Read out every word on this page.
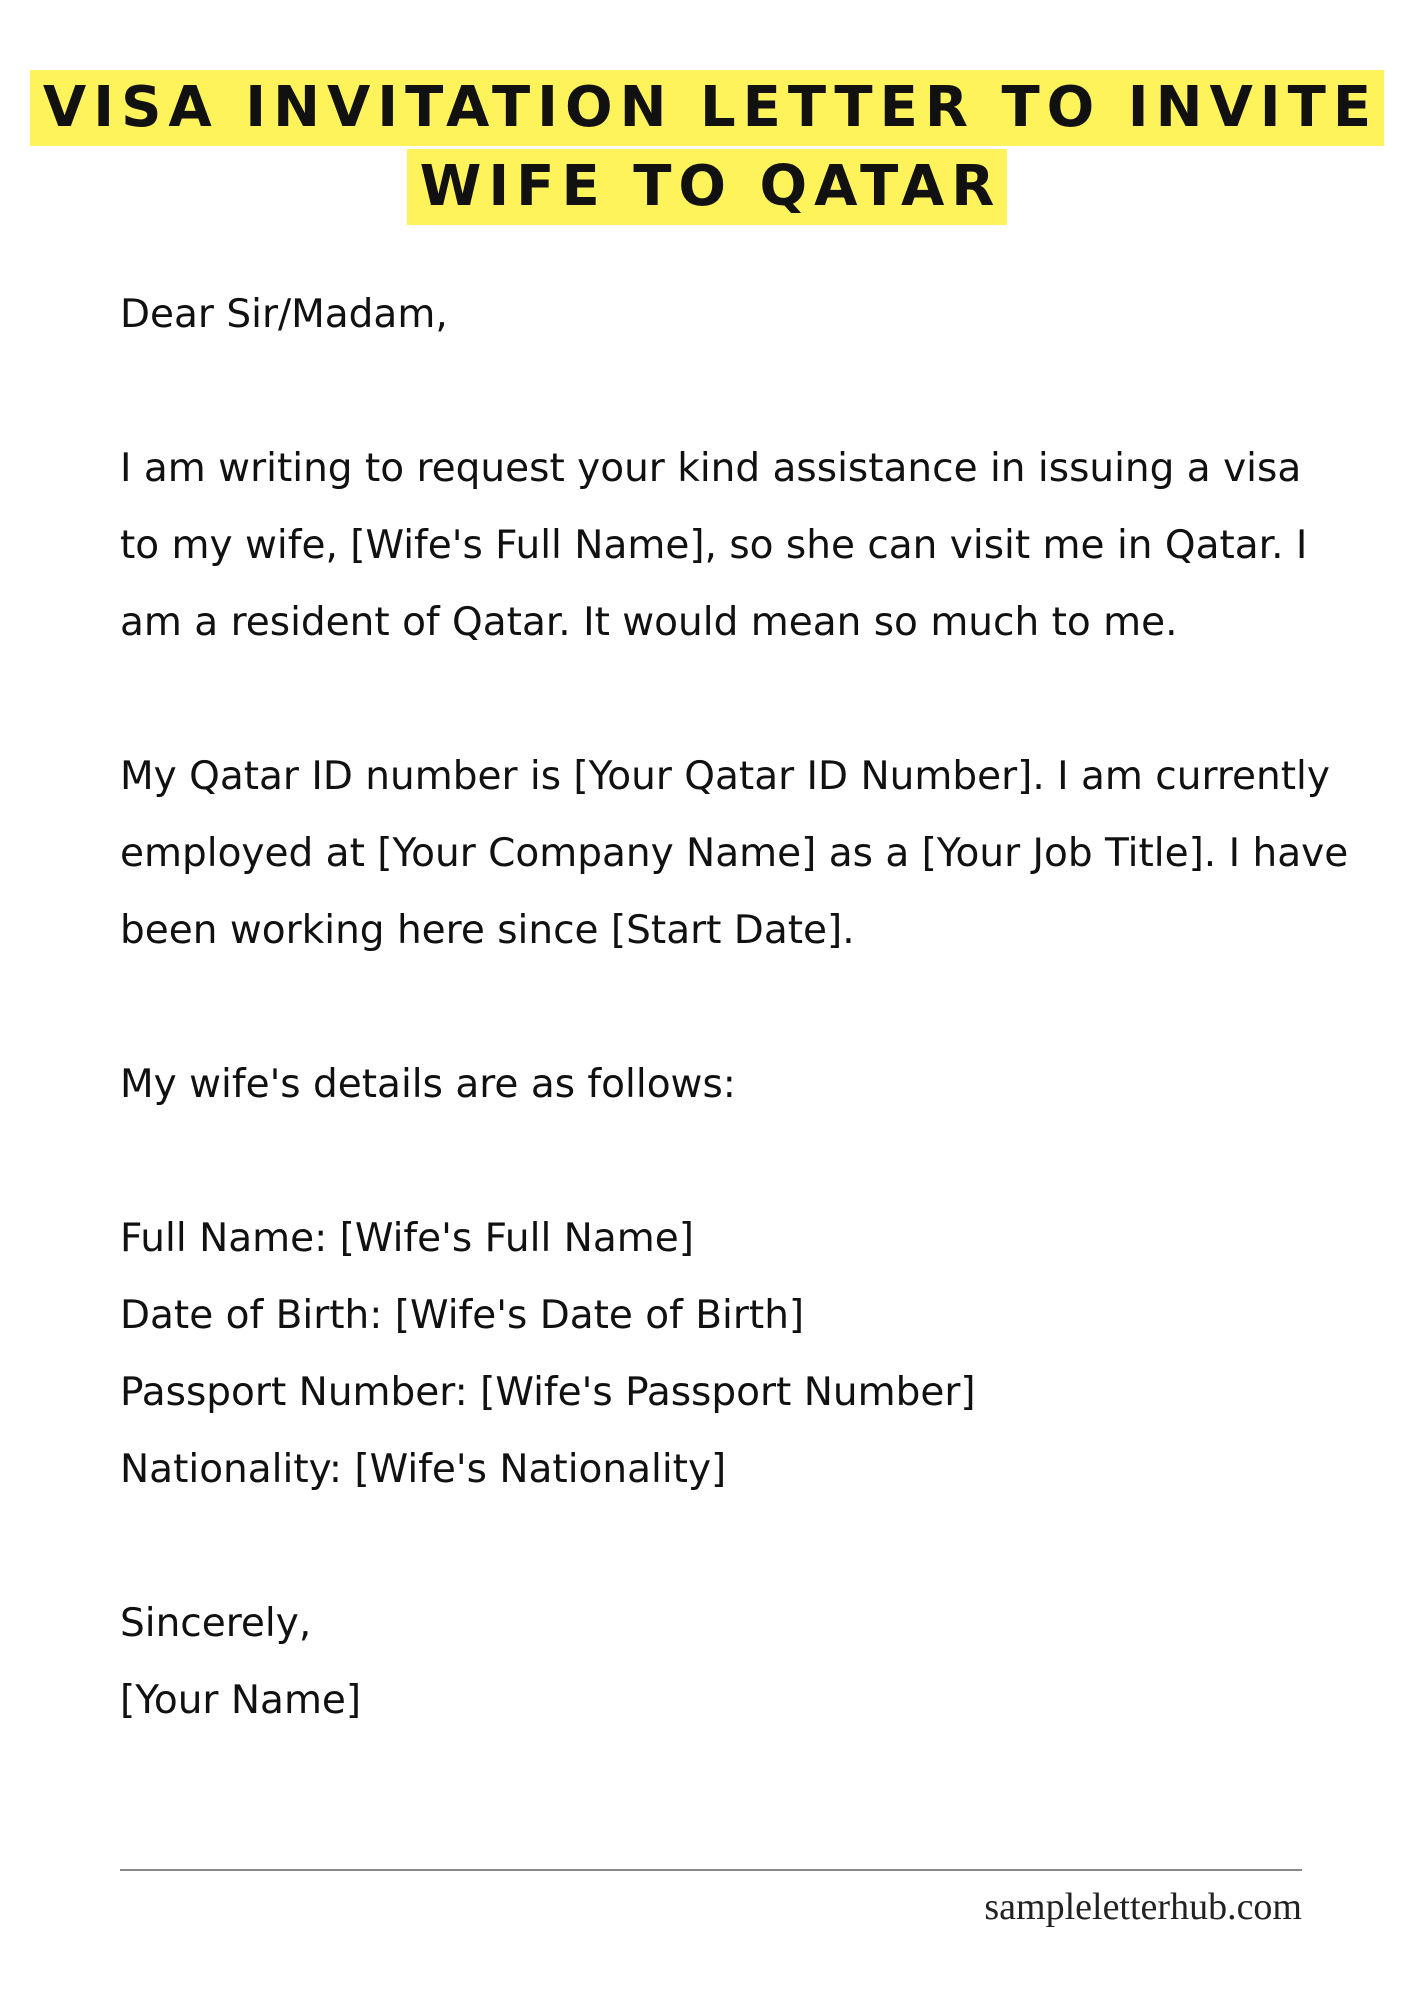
VISA INVITATION LETTER TO INVITE
WIFE TO QATAR

Dear Sir/Madam,

I am writing to request your kind assistance in issuing a visa to my wife, [Wife's Full Name], so she can visit me in Qatar. I am a resident of Qatar. It would mean so much to me.

My Qatar ID number is [Your Qatar ID Number]. I am currently employed at [Your Company Name] as a [Your Job Title]. I have been working here since [Start Date].

My wife's details are as follows:

Full Name: [Wife's Full Name]

Date of Birth: [Wife's Date of Birth]

Passport Number: [Wife's Passport Number]

Nationality: [Wife's Nationality]

Sincerely,

[Your Name]

sampleletterhub.com
